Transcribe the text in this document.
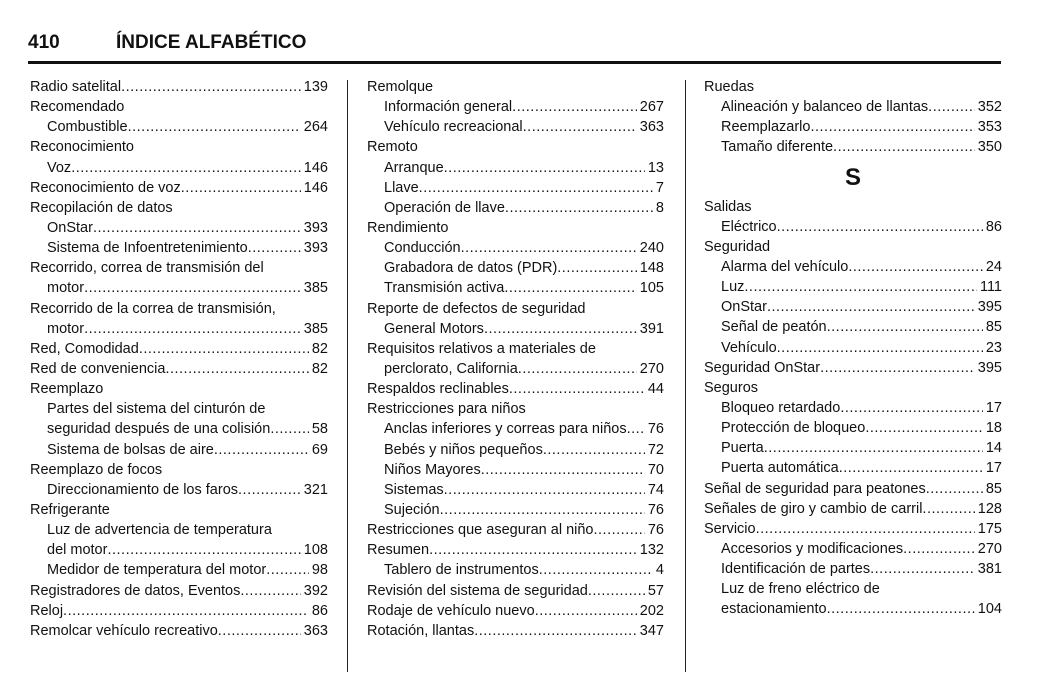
410	ÍNDICE ALFABÉTICO
Radio satelital .....	139
Recomendado
Combustible .....	264
Reconocimiento
Voz .....	146
Reconocimiento de voz .....	146
Recopilación de datos
OnStar .....	393
Sistema de Infoentretenimiento .....	393
Recorrido, correa de transmisión del
motor .....	385
Recorrido de la correa de transmisión,
motor .....	385
Red, Comodidad .....	82
Red de conveniencia .....	82
Reemplazo
Partes del sistema del cinturón de
seguridad después de una colisión .....	58
Sistema de bolsas de aire .....	69
Reemplazo de focos
Direccionamiento de los faros .....	321
Refrigerante
Luz de advertencia de temperatura
del motor .....	108
Medidor de temperatura del motor .....	98
Registradores de datos, Eventos .....	392
Reloj .....	86
Remolcar vehículo recreativo .....	363
Remolque
Información general .....	267
Vehículo recreacional .....	363
Remoto
Arranque .....	13
Llave .....	7
Operación de llave .....	8
Rendimiento
Conducción .....	240
Grabadora de datos (PDR) .....	148
Transmisión activa .....	105
Reporte de defectos de seguridad
General Motors .....	391
Requisitos relativos a materiales de
perclorato, California .....	270
Respaldos reclinables .....	44
Restricciones para niños
Anclas inferiores y correas para niños ..... 76
Bebés y niños pequeños .....	72
Niños Mayores .....	70
Sistemas .....	74
Sujeción .....	76
Restricciones que aseguran al niño .....	76
Resumen .....	132
Tablero de instrumentos .....	4
Revisión del sistema de seguridad .....	57
Rodaje de vehículo nuevo .....	202
Rotación, llantas .....	347
Ruedas
Alineación y balanceo de llantas .....	352
Reemplazarlo .....	353
Tamaño diferente .....	350
S
Salidas
Eléctrico .....	86
Seguridad
Alarma del vehículo .....	24
Luz .....	111
OnStar .....	395
Señal de peatón .....	85
Vehículo .....	23
Seguridad OnStar .....	395
Seguros
Bloqueo retardado .....	17
Protección de bloqueo .....	18
Puerta .....	14
Puerta automática .....	17
Señal de seguridad para peatones .....	85
Señales de giro y cambio de carril .....	128
Servicio .....	175
Accesorios y modificaciones .....	270
Identificación de partes .....	381
Luz de freno eléctrico de
estacionamiento .....	104
